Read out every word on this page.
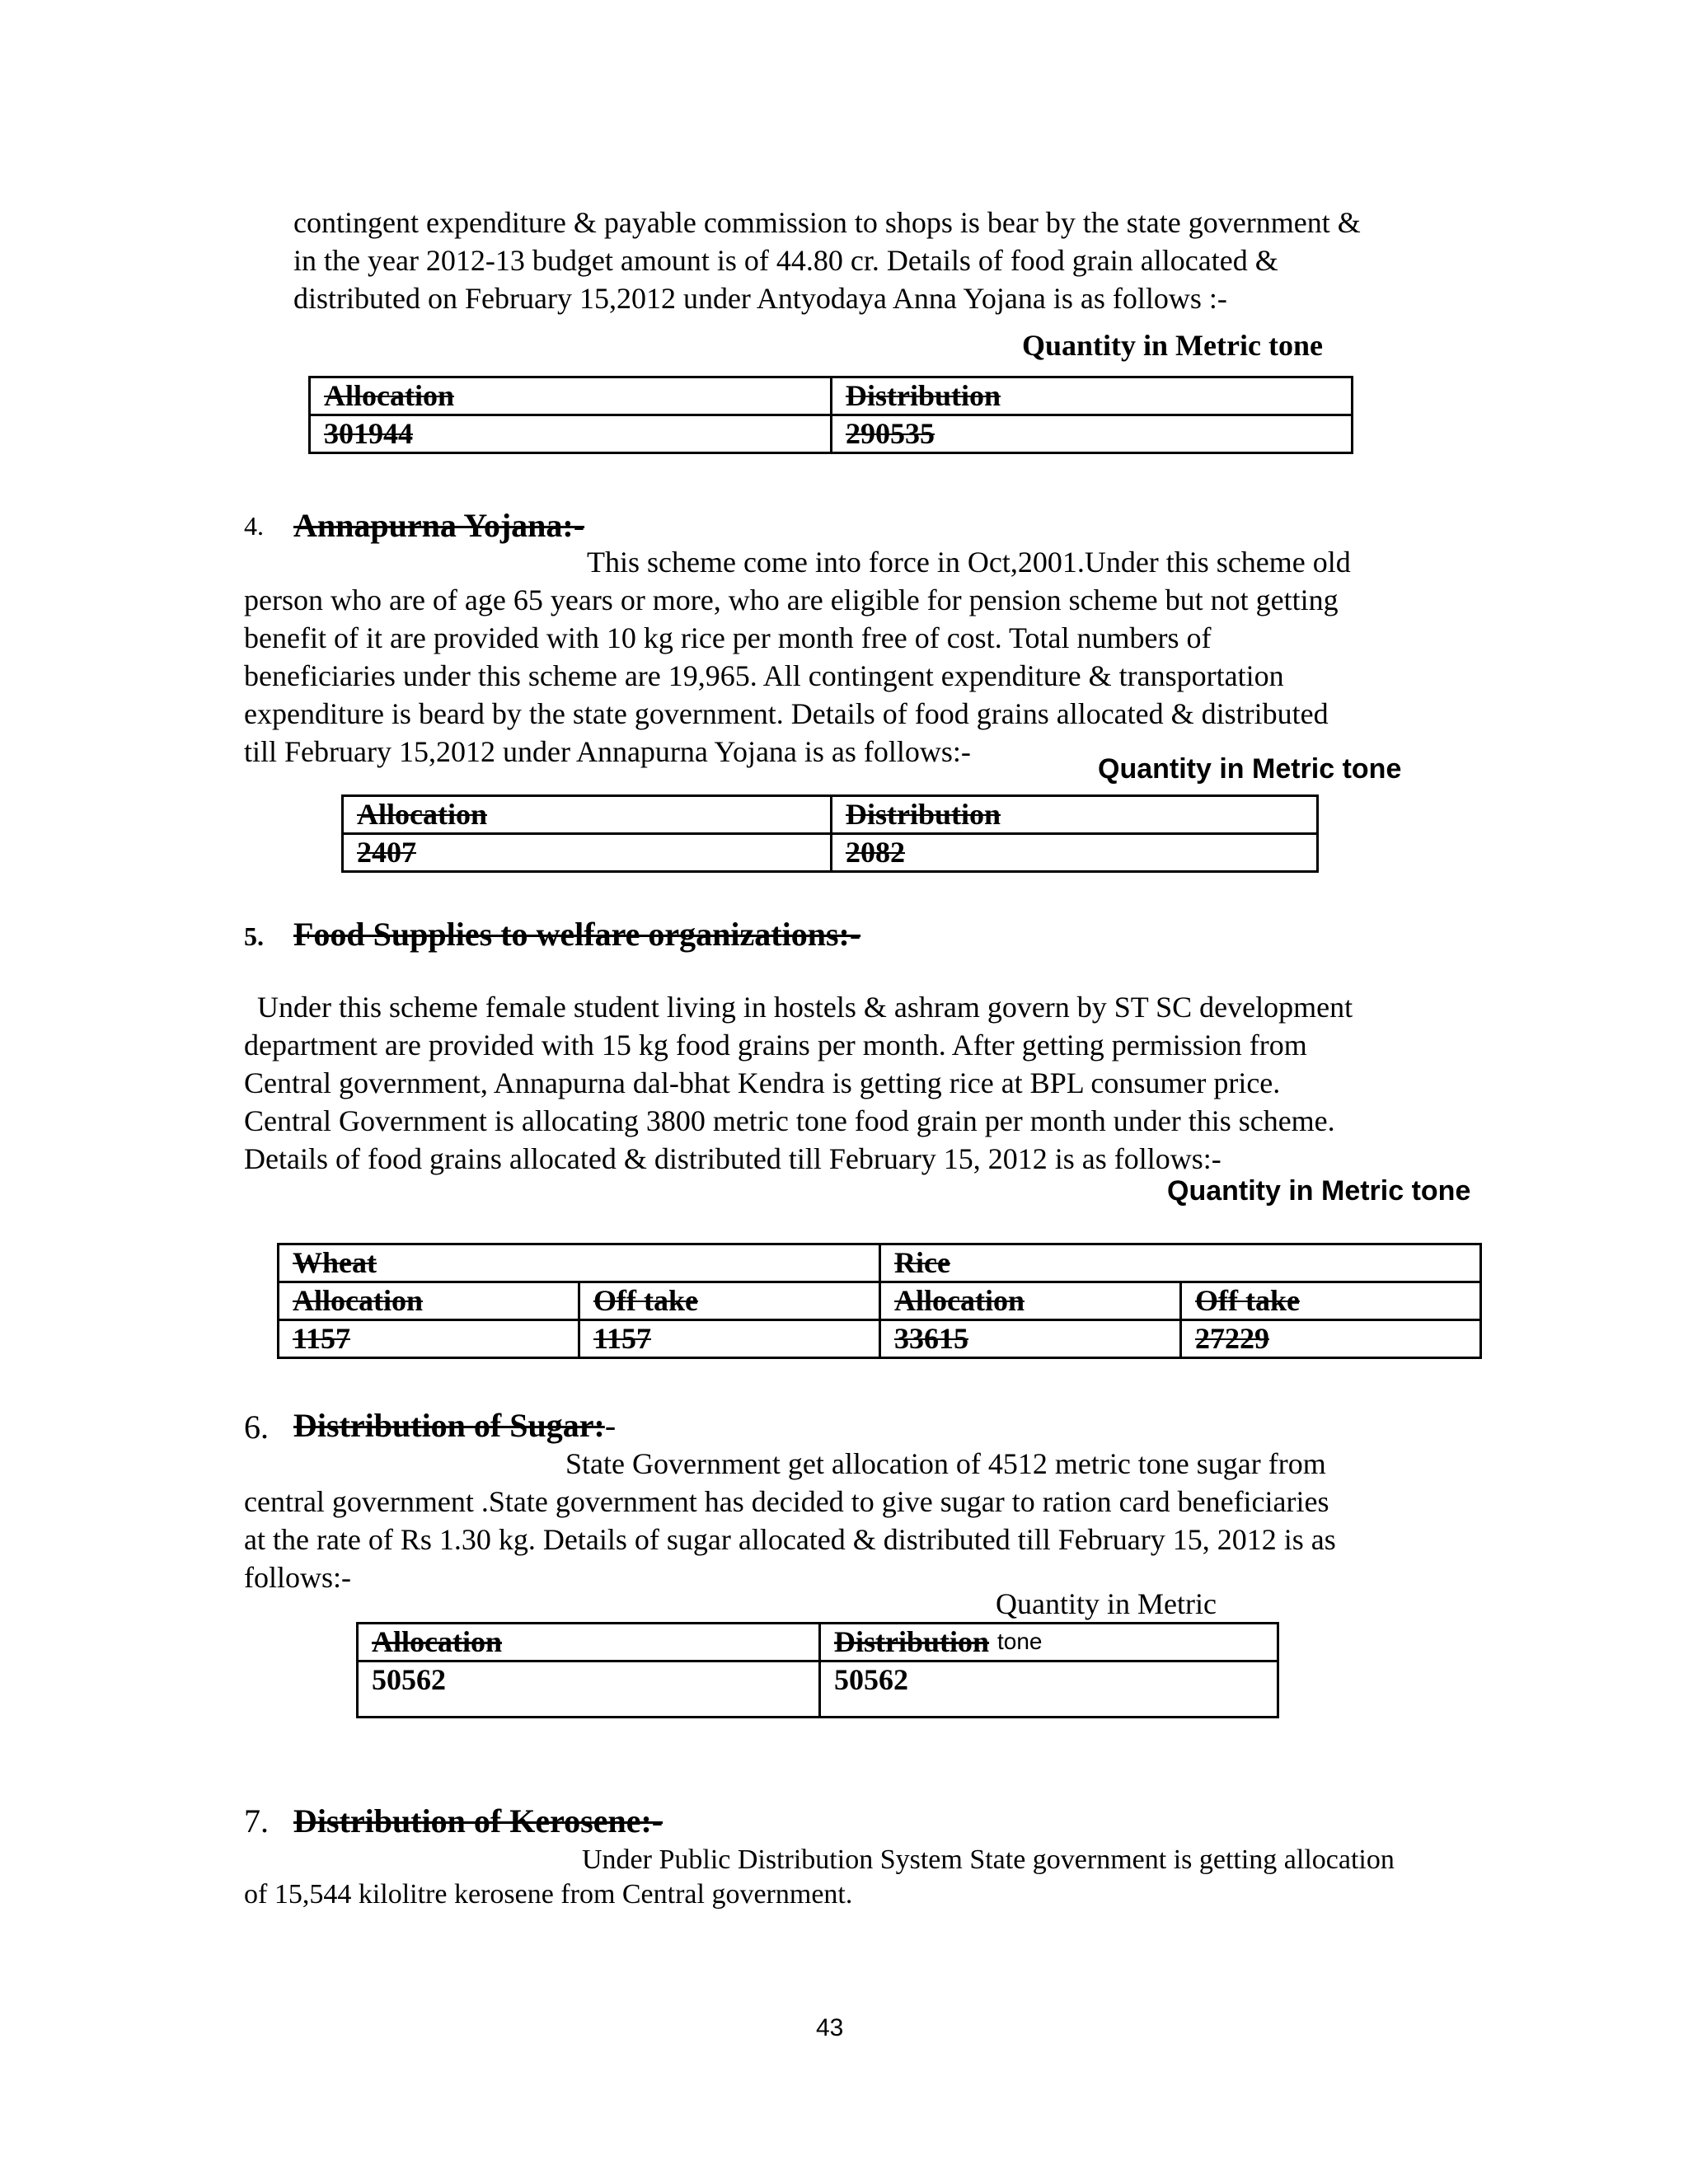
contingent expenditure & payable commission to shops is bear by the state government &

in the year 2012-13 budget amount is of 44.80 cr. Details of food grain allocated &

distributed on February 15,2012 under Antyodaya Anna Yojana is as follows :-

Quantity in Metric tone
Allocation	Distribution
301944	290535
4. Annapurna Yojana:-

This scheme come into force in Oct,2001.Under this scheme old

person who are of age 65 years or more, who are eligible for pension scheme but not getting

benefit of it are provided with 10 kg rice per month free of cost. Total numbers of

beneficiaries under this scheme are 19,965. All contingent expenditure & transportation

expenditure is beard by the state government. Details of food grains allocated & distributed

till February 15,2012 under Annapurna Yojana is as follows:-

Quantity in Metric tone
Allocation	Distribution
2407	2082
5. Food Supplies to welfare organizations:-

Under this scheme female student living in hostels & ashram govern by ST SC development

department are provided with 15 kg food grains per month. After getting permission from

Central government, Annapurna dal-bhat Kendra is getting rice at BPL consumer price.

Central Government is allocating 3800 metric tone food grain per month under this scheme.

Details of food grains allocated & distributed till February 15, 2012 is as follows:-

Quantity in Metric tone
Wheat		Rice	
Allocation	Off take	Allocation	Off take
1157	1157	33615	27229
6. Distribution of Sugar:-

State Government get allocation of 4512 metric tone sugar from

central government .State government has decided to give sugar to ration card beneficiaries

at the rate of Rs 1.30 kg. Details of sugar allocated & distributed till February 15, 2012 is as

follows:-

Quantity in Metric
Allocation	Distribution
50562	50562
tone
7. Distribution of Kerosene:-

Under Public Distribution System State government is getting allocation

of 15,544 kilolitre kerosene from Central government.

43
